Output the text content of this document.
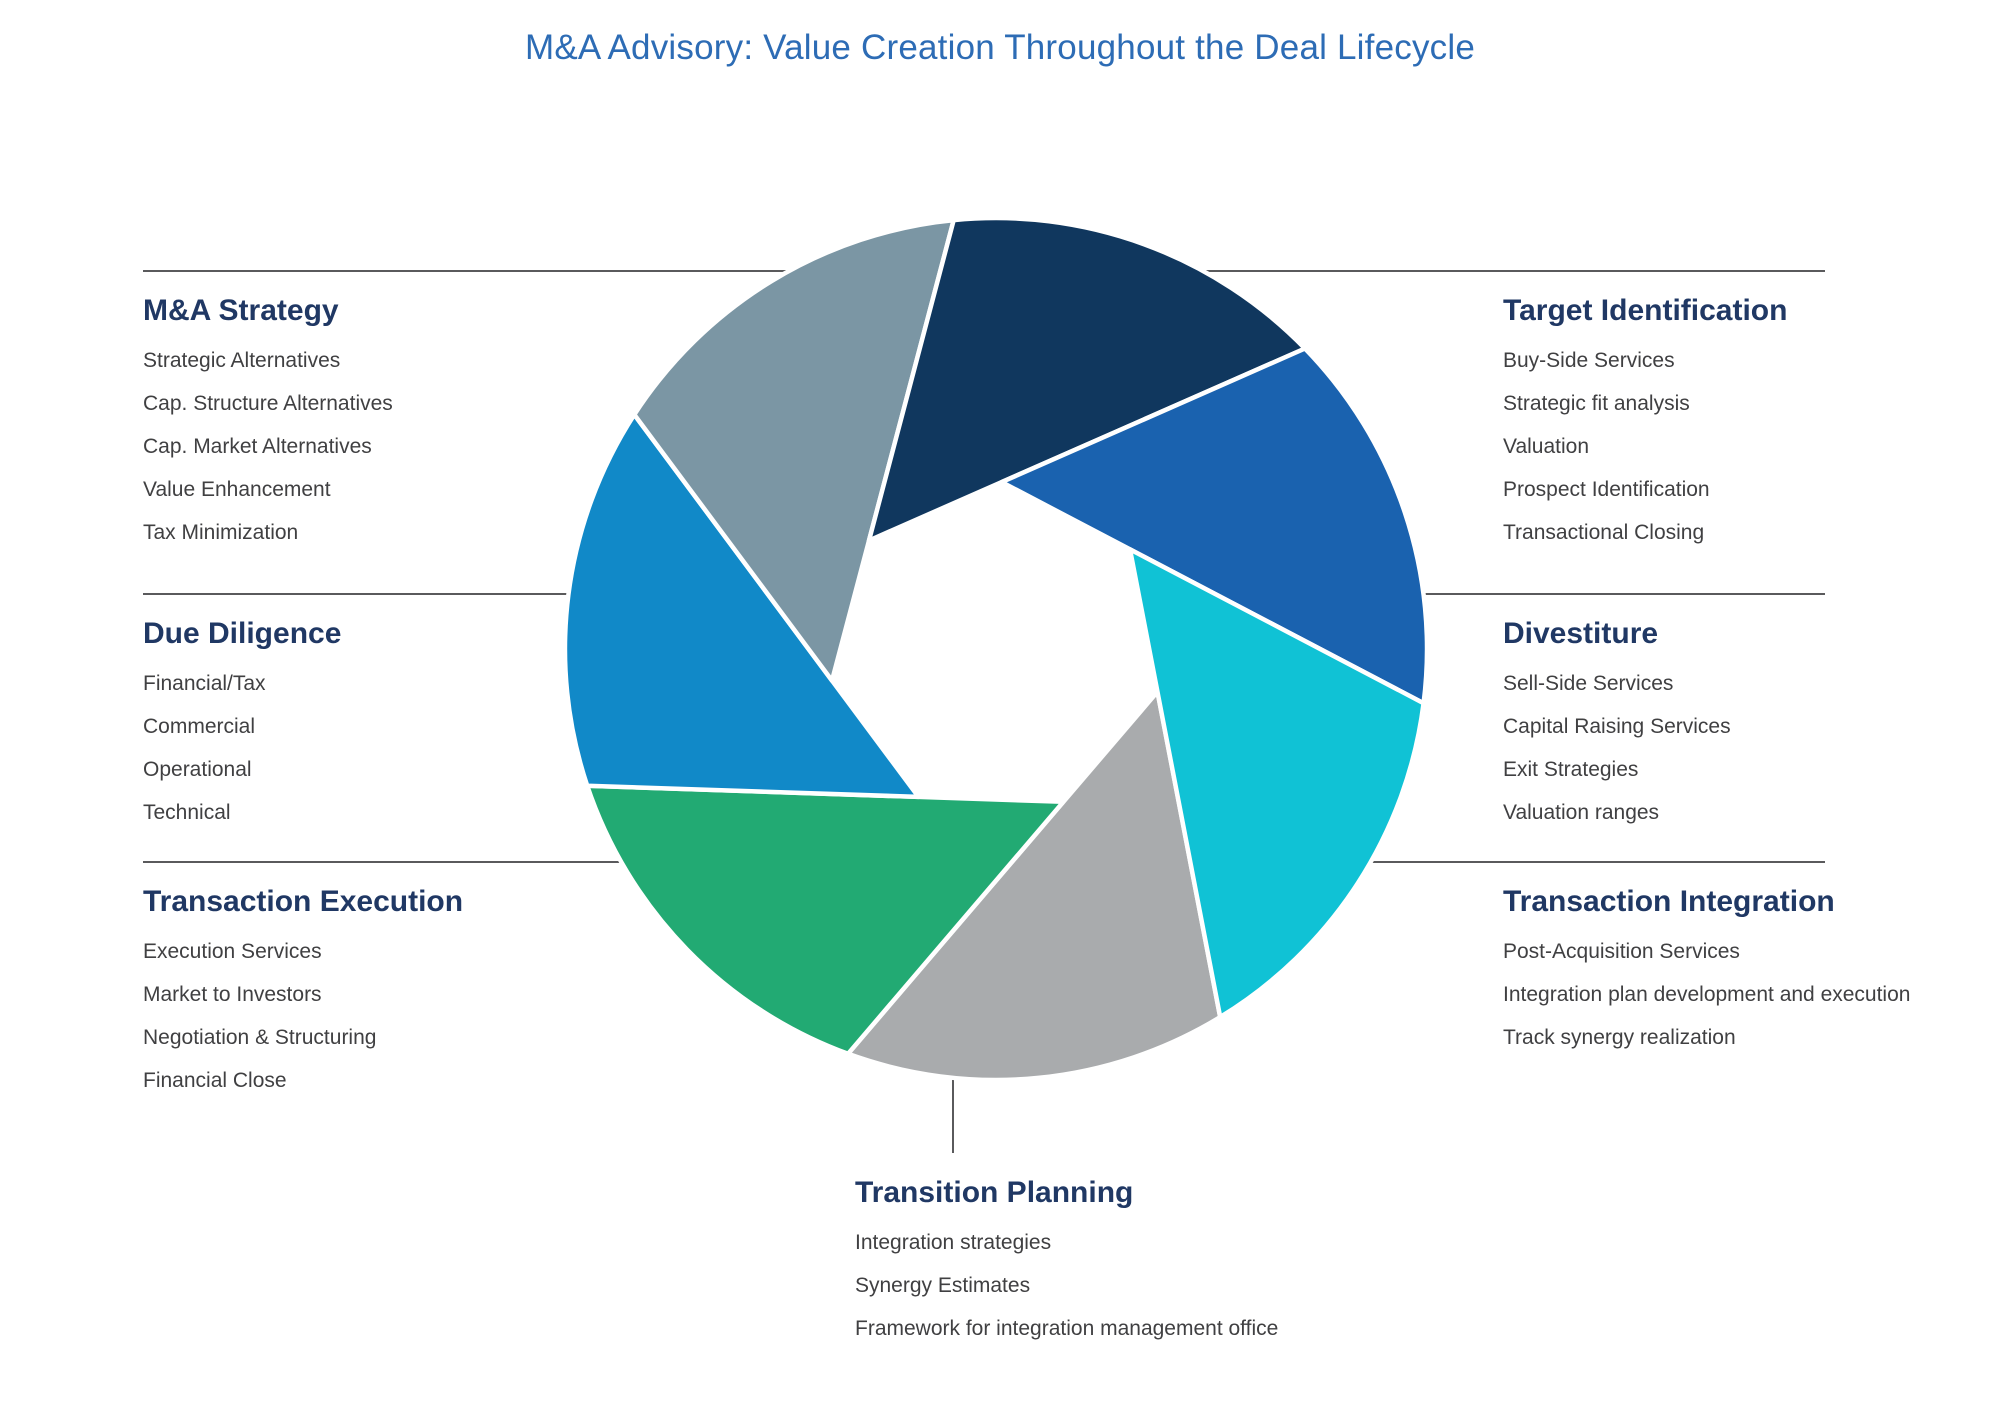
M&A Advisory: Value Creation Throughout the Deal Lifecycle
M&A Strategy
Strategic Alternatives
Cap. Structure Alternatives
Cap. Market Alternatives
Value Enhancement
Tax Minimization
Due Diligence
Financial/Tax
Commercial
Operational
Technical
Transaction Execution
Execution Services
Market to Investors
Negotiation & Structuring
Financial Close
Target Identification
Buy-Side Services
Strategic fit analysis
Valuation
Prospect Identification
Transactional Closing
Divestiture
Sell-Side Services
Capital Raising Services
Exit Strategies
Valuation ranges
Transaction Integration
Post-Acquisition Services
Integration plan development and execution
Track synergy realization
Transition Planning
Integration strategies
Synergy Estimates
Framework for integration management office
